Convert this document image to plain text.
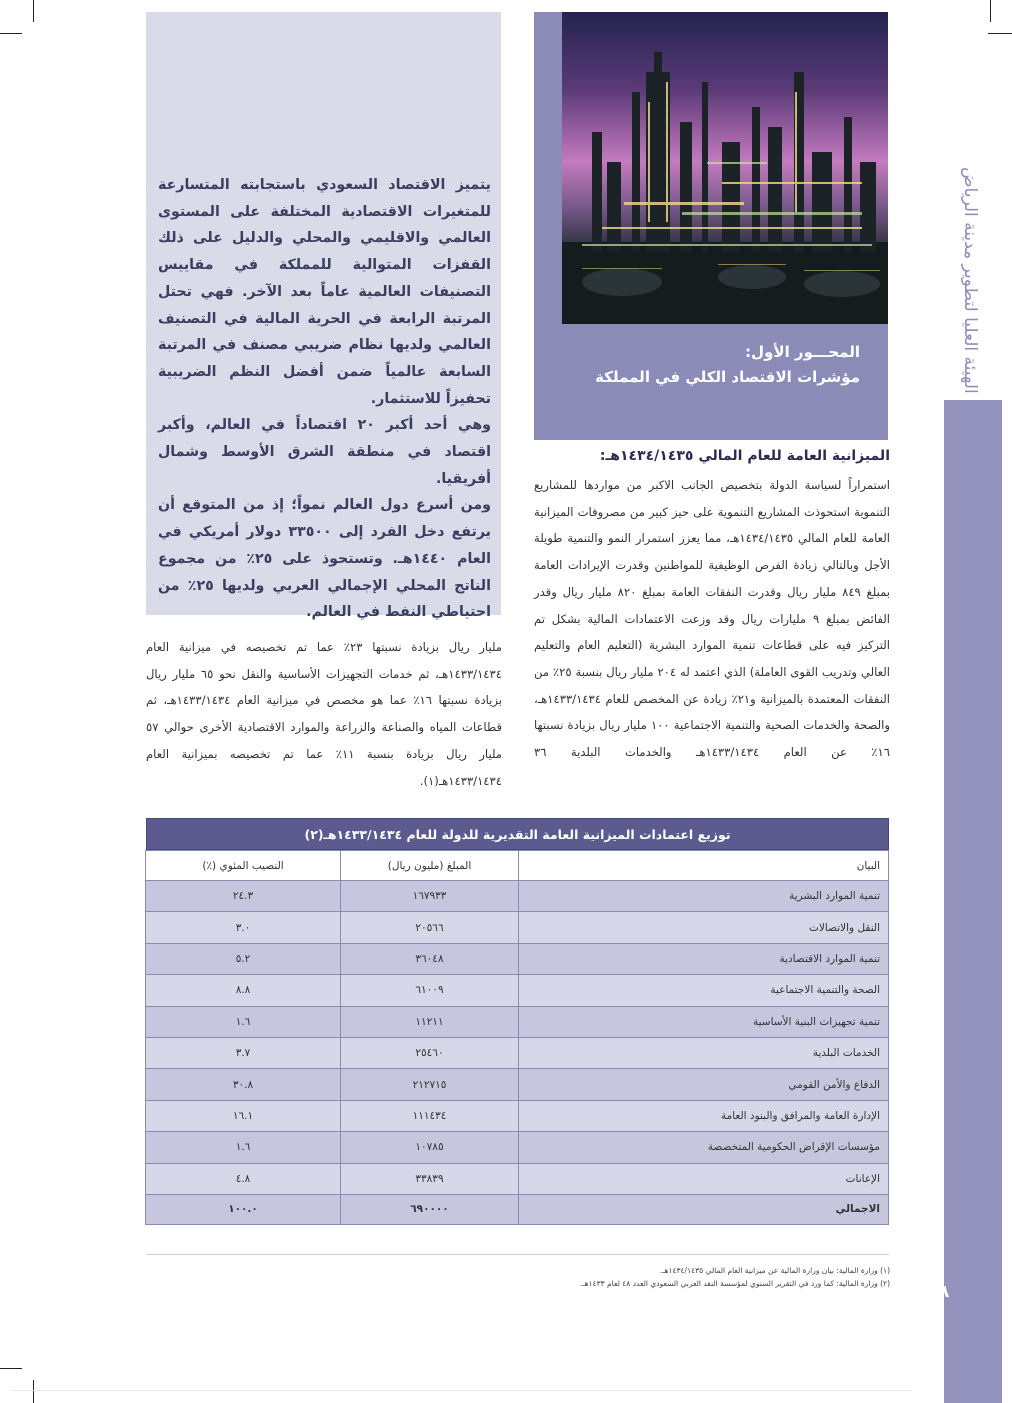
الهيئة العليا لتطوير مدينة الرياض
٥٨

يتميز الاقتصاد السعودي باستجابته المتسارعة للمتغيرات الاقتصادية المختلفة على المستوى العالمي والاقليمي والمحلي والدليل على ذلك القفزات المتوالية للمملكة في مقاييس التصنيفات العالمية عاماً بعد الآخر. فهي تحتل المرتبة الرابعة في الحرية المالية في التصنيف العالمي ولديها نظام ضريبي مصنف في المرتبة السابعة عالمياً ضمن أفضل النظم الضريبية تحفيزاً للاستثمار.

وهي أحد أكبر ٢٠ اقتصاداً في العالم، وأكبر اقتصاد في منطقة الشرق الأوسط وشمال أفريقيا.

ومن أسرع دول العالم نمواً؛ إذ من المتوقع أن يرتفع دخل الفرد إلى ٣٣٥٠٠ دولار أمريكي في العام ١٤٤٠هـ. وتستحوذ على ٢٥٪ من مجموع الناتج المحلي الإجمالي العربي ولديها ٢٥٪ من احتياطي النفط في العالم.

المحـــور الأول:
مؤشرات الاقتصاد الكلي في المملكة
الميزانية العامة للعام المالي ١٤٣٤/١٤٣٥هـ:
استمراراً لسياسة الدولة بتخصيص الجانب الاكبر من مواردها للمشاريع التنموية استحوذت المشاريع التنموية على حيز كبير من مصروفات الميزانية العامة للعام المالي ١٤٣٤/١٤٣٥هـ، مما يعزز استمرار النمو والتنمية طويلة الأجل وبالتالي زيادة الفرص الوظيفية للمواطنين وقدرت الإيرادات العامة بمبلغ ٨٤٩ مليار ريال وقدرت النفقات العامة بمبلغ ٨٢٠ مليار ريال وقدر الفائض بمبلغ ٩ مليارات ريال وقد وزعت الاعتمادات المالية بشكل تم التركيز فيه على قطاعات تنمية الموارد البشرية (التعليم العام والتعليم العالي وتدريب القوى العاملة) الذي اعتمد له ٢٠٤ مليار ريال بنسبة ٢٥٪ من النفقات المعتمدة بالميزانية و٢١٪ زيادة عن المخصص للعام ١٤٣٣/١٤٣٤هـ، والصحة والخدمات الصحية والتنمية الاجتماعية ١٠٠ مليار ريال بزيادة نسبتها ١٦٪ عن العام ١٤٣٣/١٤٣٤هـ والخدمات البلدية ٣٦
مليار ريال بزيادة نسبتها ٢٣٪ عما تم تخصيصه في ميزانية العام ١٤٣٣/١٤٣٤هـ، ثم خدمات التجهيزات الأساسية والنقل نحو ٦٥ مليار ريال بزيادة نسبتها ١٦٪ عما هو مخصص في ميزانية العام ١٤٣٣/١٤٣٤هـ، ثم قطاعات المياه والصناعة والزراعة والموارد الاقتصادية الأخرى حوالي ٥٧ مليار ريال بزيادة بنسبة ١١٪ عما تم تخصيصه بميزانية العام ١٤٣٣/١٤٣٤هـ(١).
توزيع اعتمادات الميزانية العامة التقديرية للدولة للعام ١٤٣٣/١٤٣٤هـ(٢)
البيان	المبلغ (مليون ريال)	النصيب المئوي (٪)
تنمية الموارد البشرية	١٦٧٩٣٣	٢٤.٣
النقل والاتصالات	٢٠٥٦٦	٣.٠
تنمية الموارد الاقتصادية	٣٦٠٤٨	٥.٢
الصحة والتنمية الاجتماعية	٦١٠٠٩	٨.٨
تنمية تجهيزات البنية الأساسية	١١٢١١	١.٦
الخدمات البلدية	٢٥٤٦٠	٣.٧
الدفاع والأمن القومي	٢١٢٧١٥	٣٠.٨
الإدارة العامة والمرافق والبنود العامة	١١١٤٣٤	١٦.١
مؤسسات الإقراض الحكومية المتخصصة	١٠٧٨٥	١.٦
الإعانات	٣٣٨٣٩	٤.٨
الاجمالي	٦٩٠٠٠٠	١٠٠.٠
(١) وزارة المالية: بيان وزارة المالية عن ميزانية العام المالي ١٤٣٤/١٤٣٥هـ.
(٢) وزارة المالية: كما ورد في التقرير السنوي لمؤسسة النقد العربي السعودي العدد ٤٨ لعام ١٤٣٣هـ.
